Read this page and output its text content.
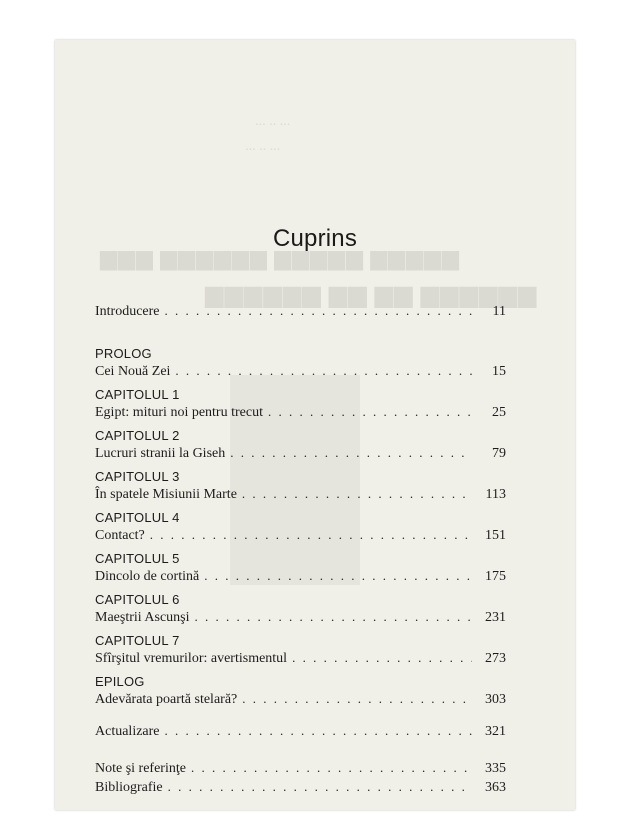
··· ·· ···
··· ·· ···
▆▆▆ ▆▆▆▆▆▆ ▆▆▆▆▆ ▆▆▆▆▆
▆▆▆▆▆▆ ▆▆ ▆▆ ▆▆▆▆▆▆
Cuprins
Introducere . . .	11
PROLOG
Cei Nouă Zei . . .	15
CAPITOLUL 1
Egipt: mituri noi pentru trecut . . .	25
CAPITOLUL 2
Lucruri stranii la Giseh . . .	79
CAPITOLUL 3
În spatele Misiunii Marte . . .	113
CAPITOLUL 4
Contact? . . .	151
CAPITOLUL 5
Dincolo de cortină . . .	175
CAPITOLUL 6
Maeştrii Ascunşi . . .	231
CAPITOLUL 7
Sfîrşitul vremurilor: avertismentul . . .	273
EPILOG
Adevărata poartă stelară? . . .	303
Actualizare . . .	321
Note şi referinţe . . .	335
Bibliografie . . .	363
